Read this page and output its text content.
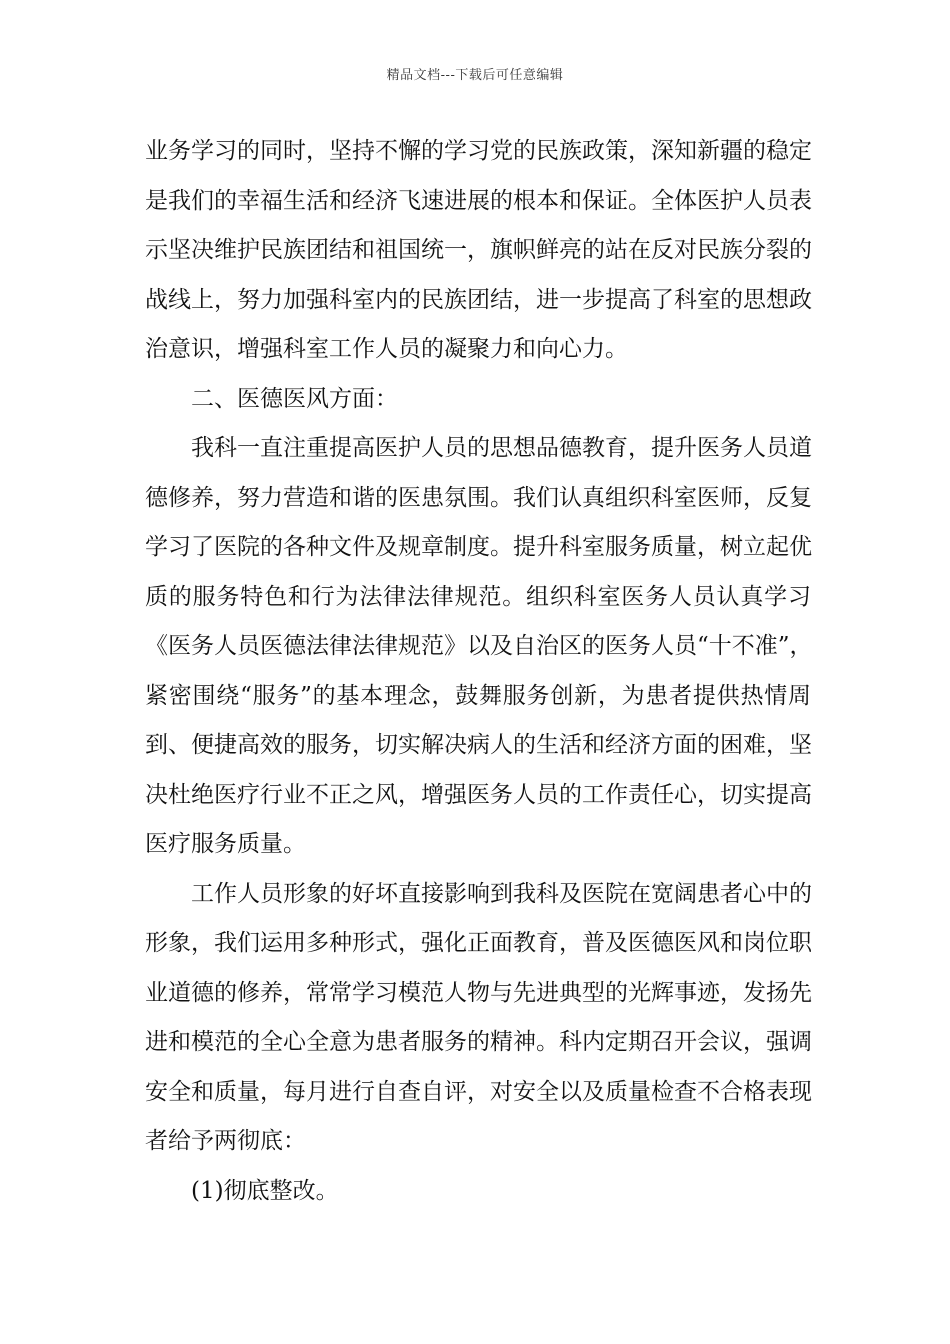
精品文档---下载后可任意编辑
业务学习的同时，坚持不懈的学习党的民族政策，深知新疆的稳定
是我们的幸福生活和经济飞速进展的根本和保证。全体医护人员表
示坚决维护民族团结和祖国统一，旗帜鲜亮的站在反对民族分裂的
战线上，努力加强科室内的民族团结，进一步提高了科室的思想政
治意识，增强科室工作人员的凝聚力和向心力。
二、医德医风方面：
我科一直注重提高医护人员的思想品德教育，提升医务人员道
德修养，努力营造和谐的医患氛围。我们认真组织科室医师，反复
学习了医院的各种文件及规章制度。提升科室服务质量，树立起优
质的服务特色和行为法律法律规范。组织科室医务人员认真学习
《医务人员医德法律法律规范》以及自治区的医务人员“十不准”，
紧密围绕“服务”的基本理念，鼓舞服务创新，为患者提供热情周
到、便捷高效的服务，切实解决病人的生活和经济方面的困难，坚
决杜绝医疗行业不正之风，增强医务人员的工作责任心，切实提高
医疗服务质量。
工作人员形象的好坏直接影响到我科及医院在宽阔患者心中的
形象，我们运用多种形式，强化正面教育，普及医德医风和岗位职
业道德的修养，常常学习模范人物与先进典型的光辉事迹，发扬先
进和模范的全心全意为患者服务的精神。科内定期召开会议，强调
安全和质量，每月进行自查自评，对安全以及质量检查不合格表现
者给予两彻底：
(1)彻底整改。
